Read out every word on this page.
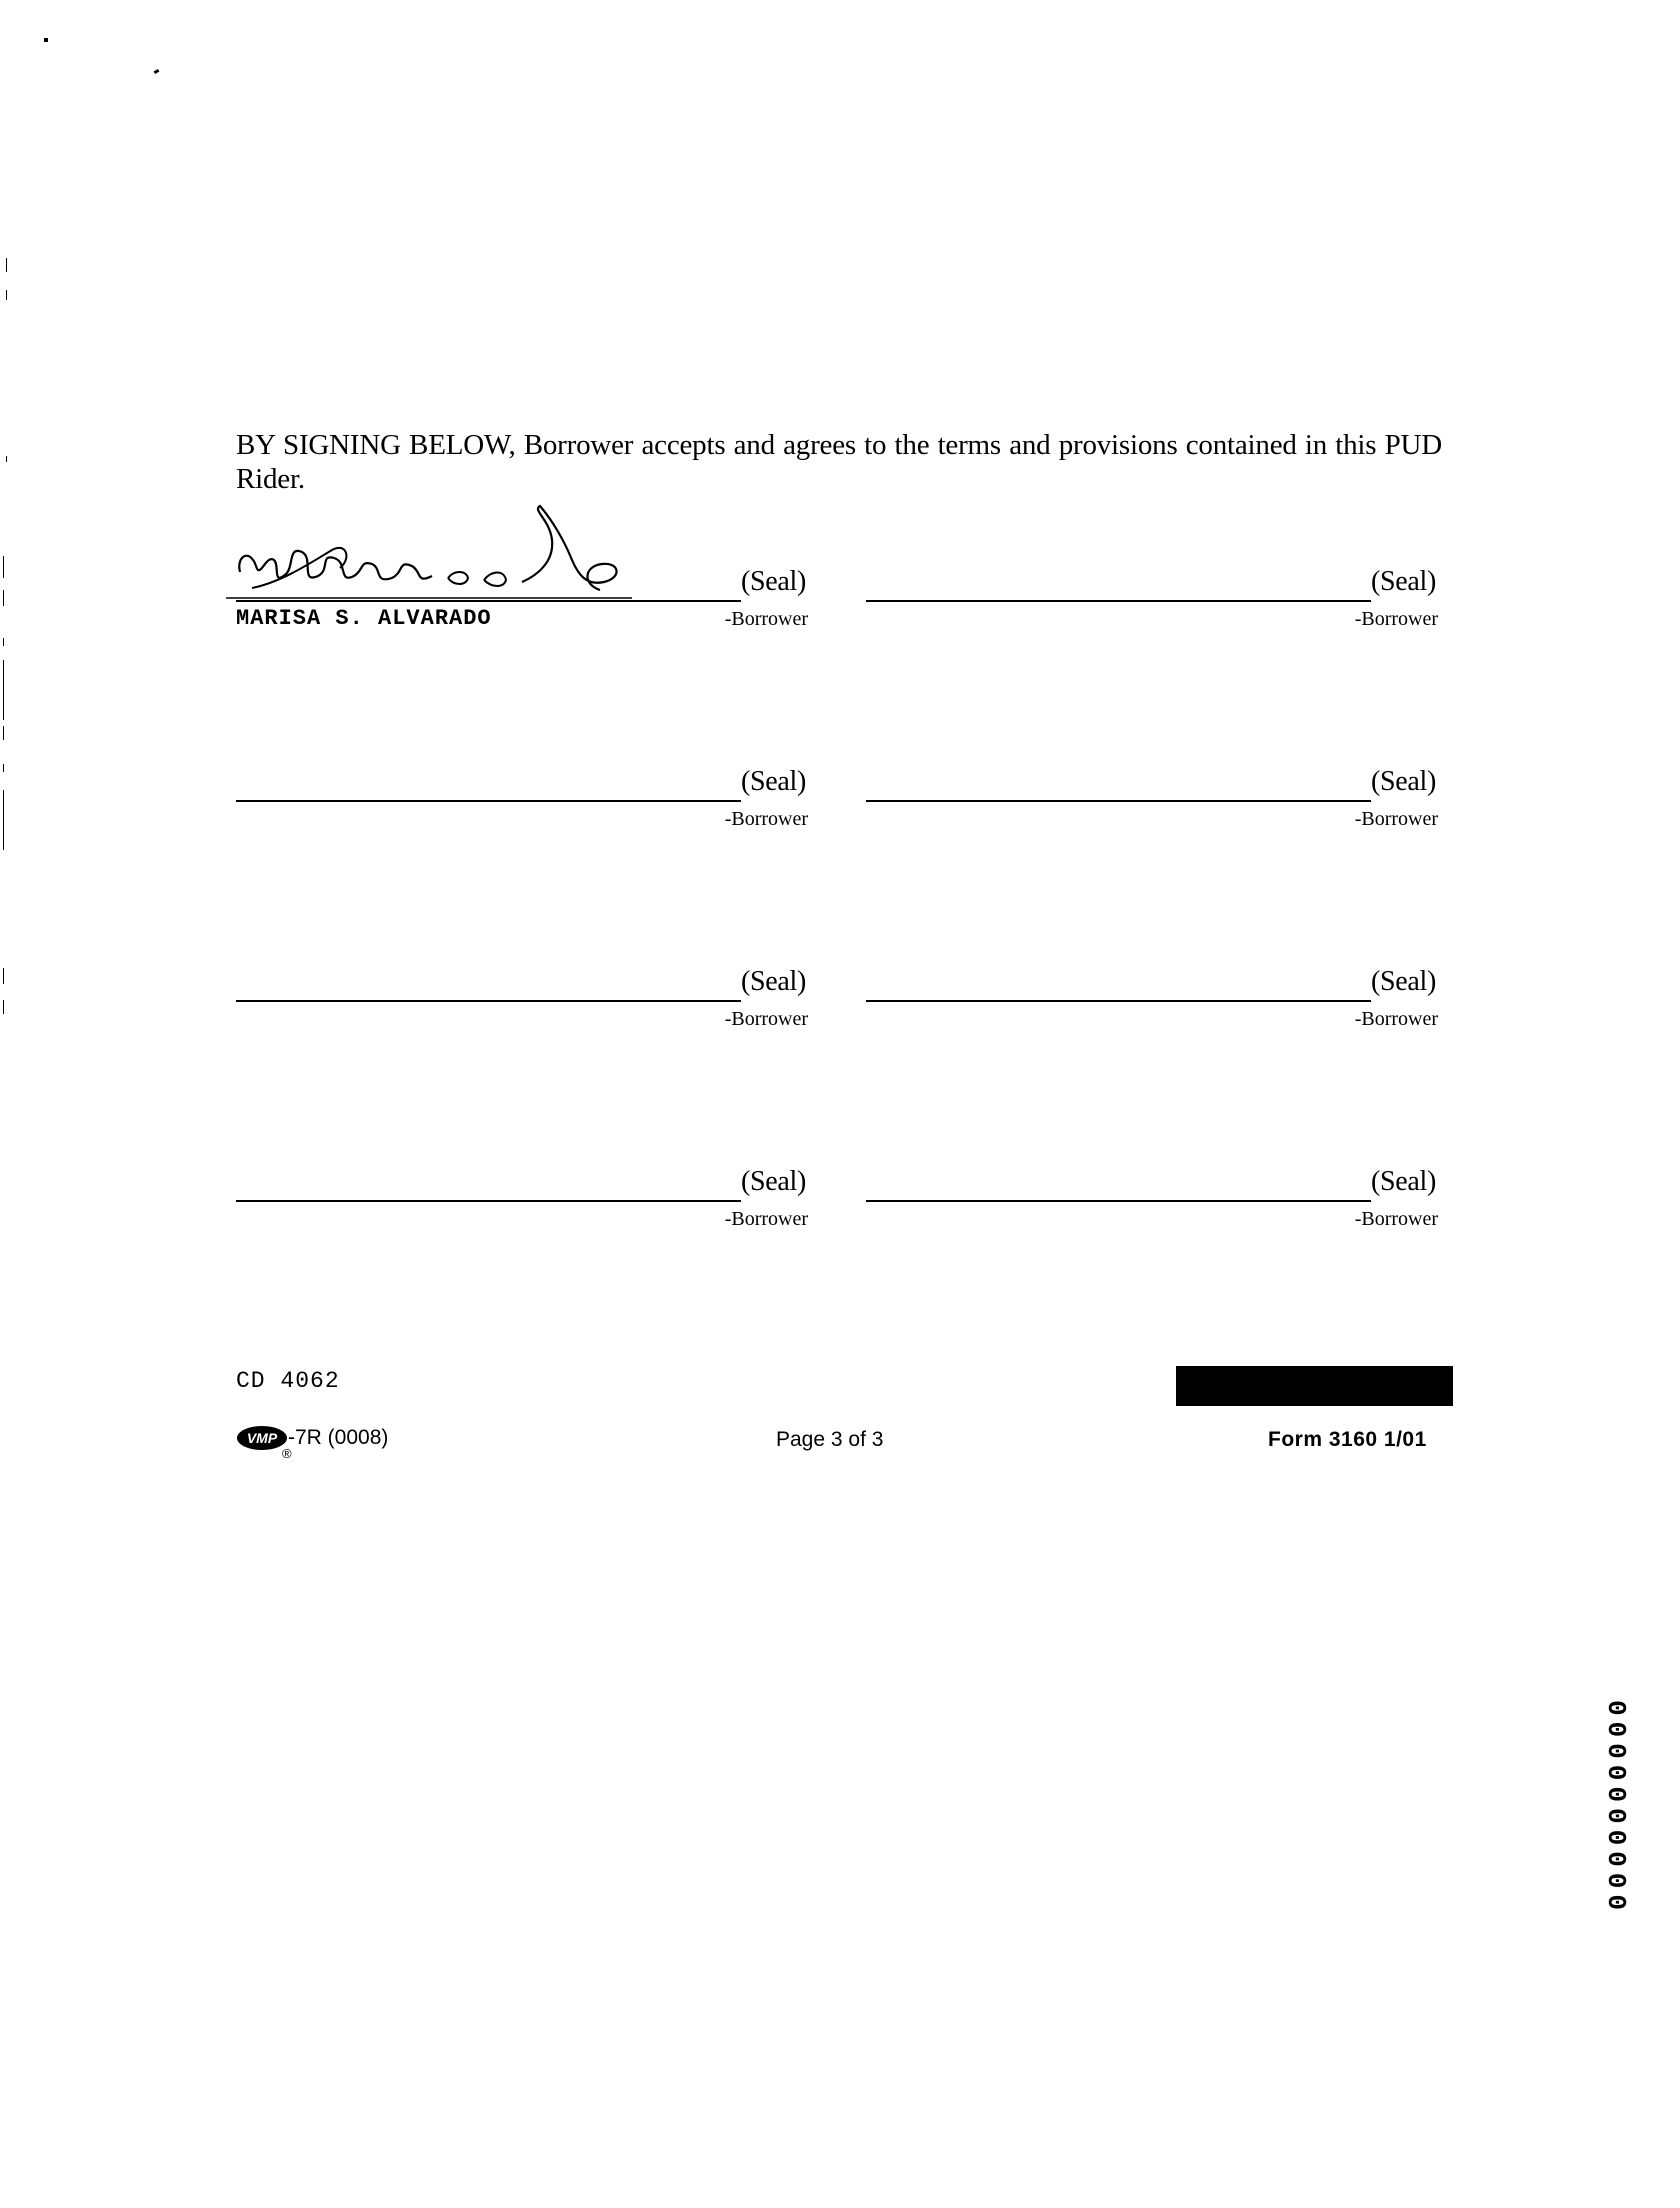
BY SIGNING BELOW, Borrower accepts and agrees to the terms and provisions contained in this PUD Rider.
(Seal)
MARISA S. ALVARADO	-Borrower
(Seal)
-Borrower
(Seal)
-Borrower
(Seal)
-Borrower
(Seal)
-Borrower
(Seal)
-Borrower
(Seal)
-Borrower
(Seal)
-Borrower
CD 4062
VMP
®
-7R (0008)	Page 3 of 3	Form 3160 1/01
0000000000
